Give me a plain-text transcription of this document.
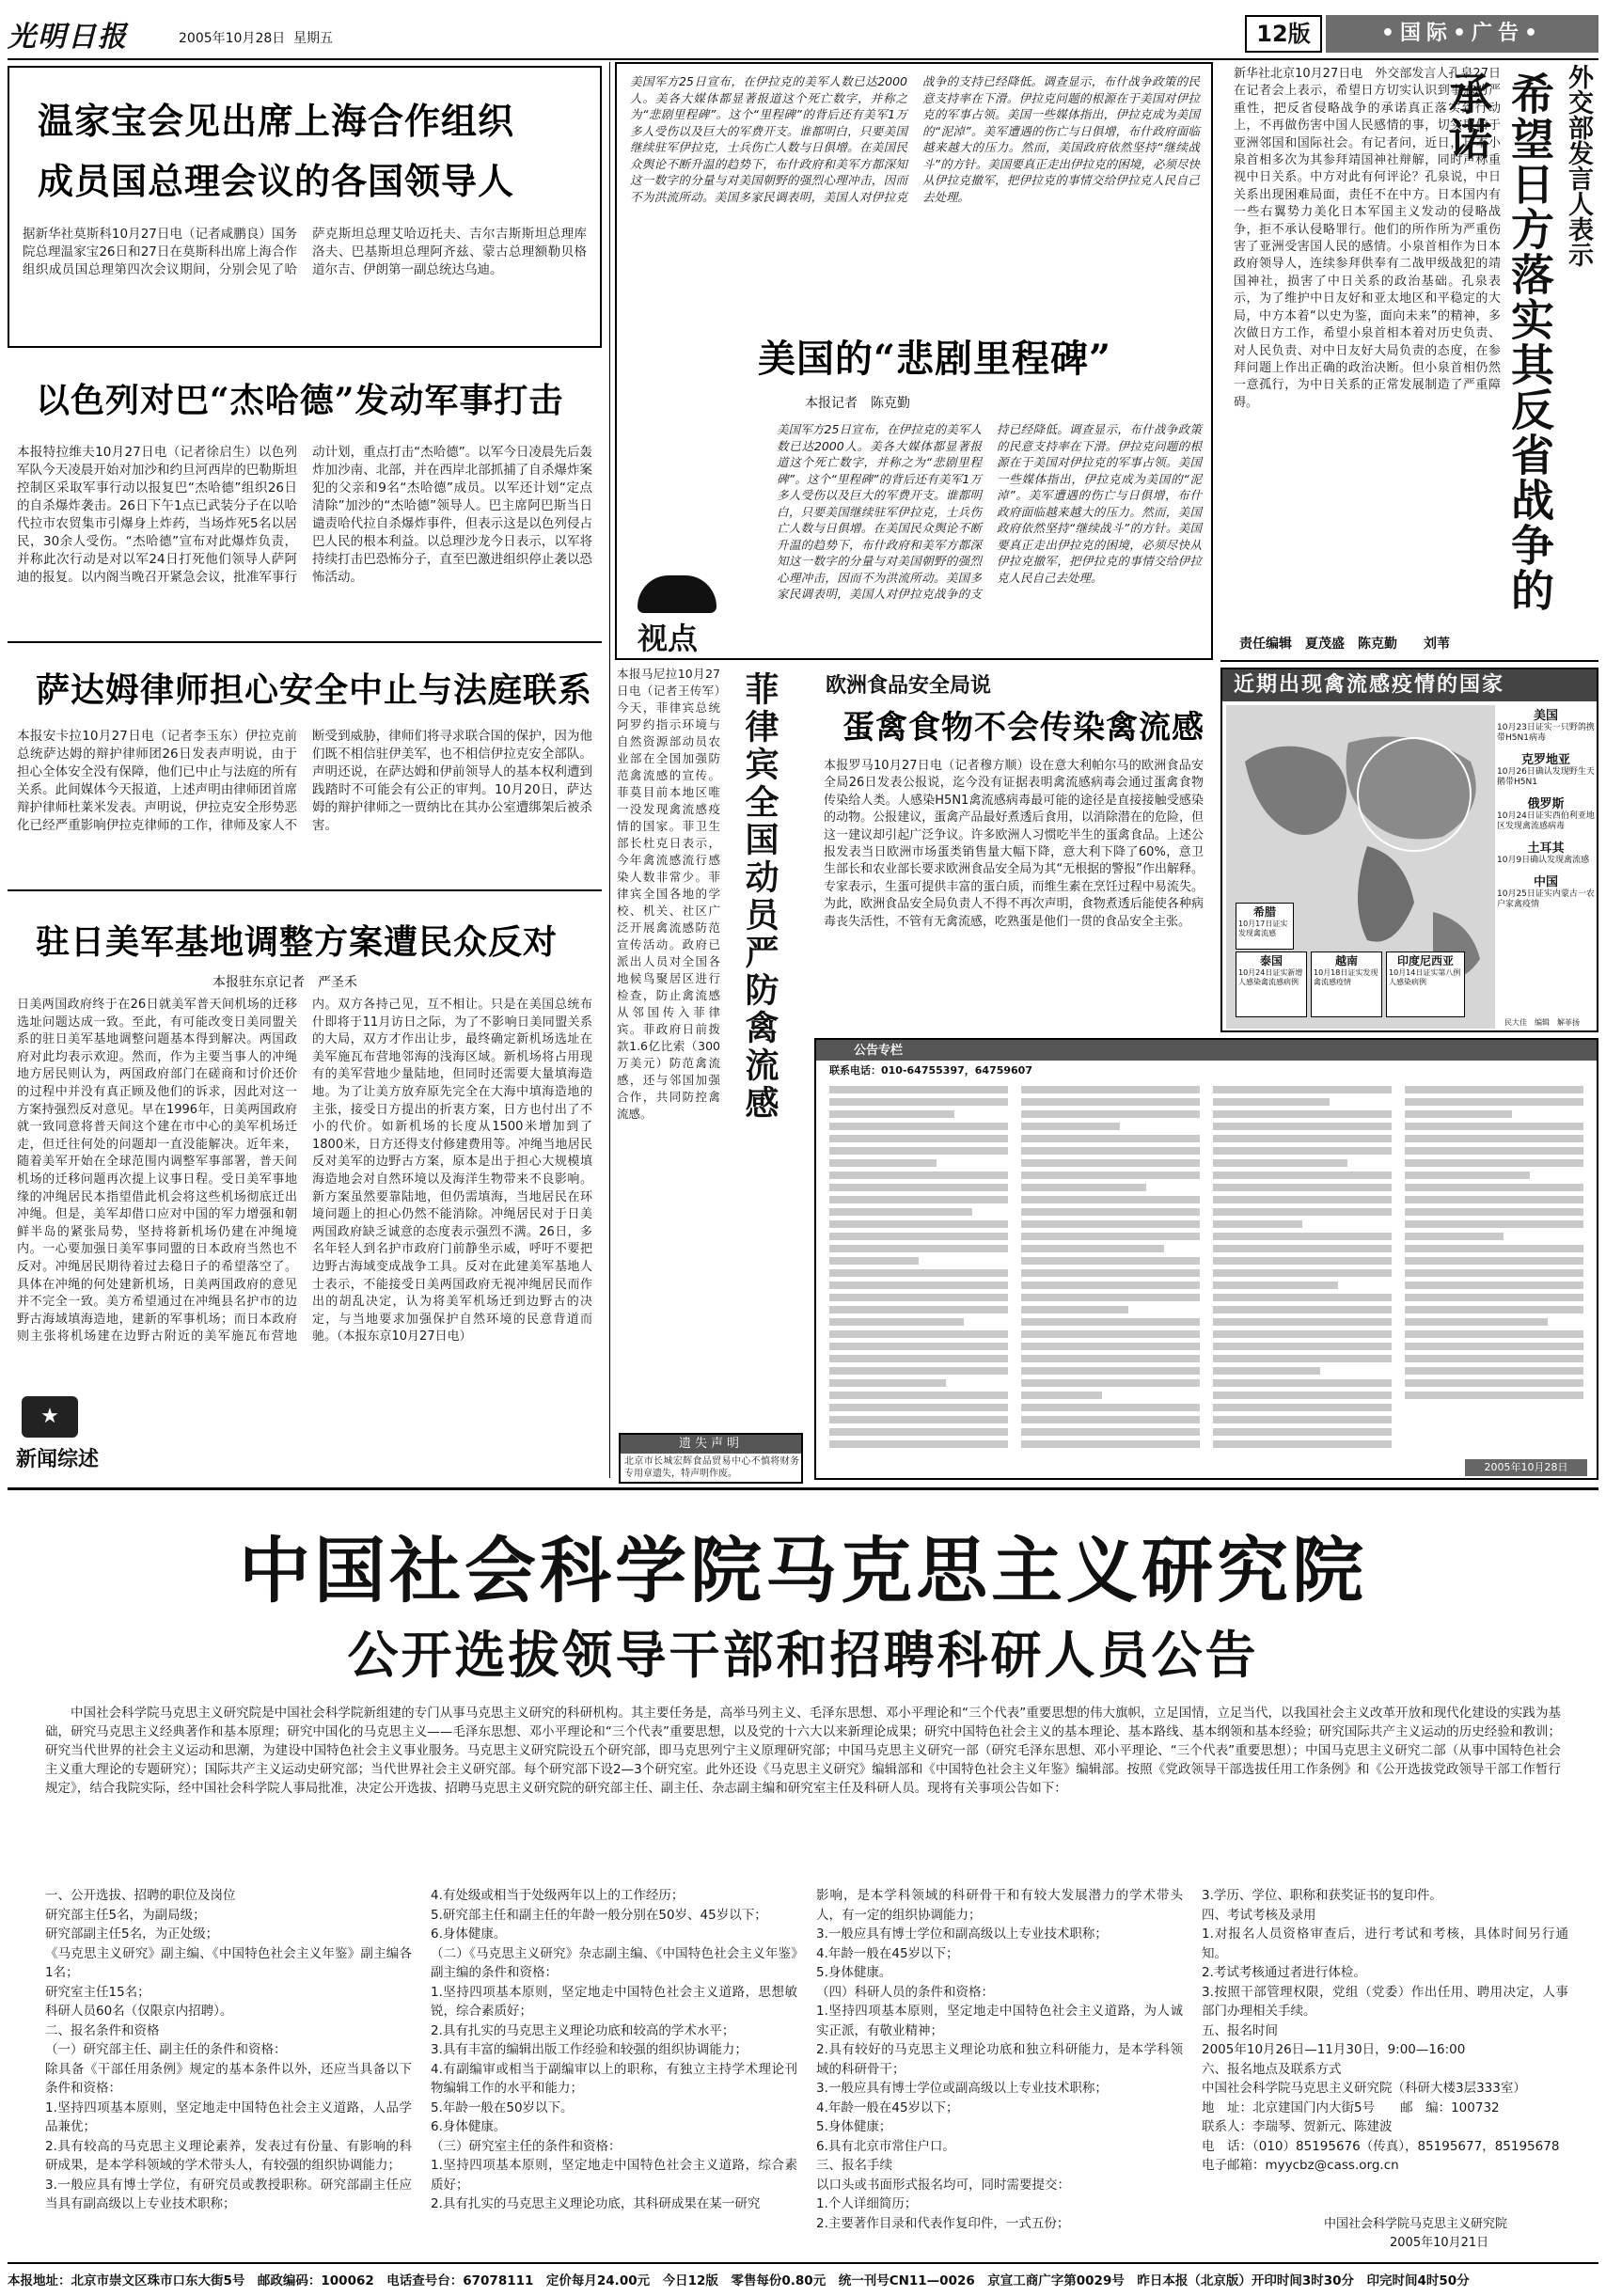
光明日报	2005年10月28日 星期五	12版	•国际•广告•
温家宝会见出席上海合作组织
成员国总理会议的各国领导人
据新华社莫斯科10月27日电（记者咸鹏良）国务院总理温家宝26日和27日在莫斯科出席上海合作组织成员国总理第四次会议期间，分别会见了哈萨克斯坦总理艾哈迈托夫、吉尔吉斯斯坦总理库洛夫、巴基斯坦总理阿齐兹、蒙古总理额勒贝格道尔吉、伊朗第一副总统达乌迪。
以色列对巴“杰哈德”发动军事打击
本报特拉维夫10月27日电（记者徐启生）以色列军队今天凌晨开始对加沙和约旦河西岸的巴勒斯坦控制区采取军事行动以报复巴“杰哈德”组织26日的自杀爆炸袭击。26日下午1点已武装分子在以哈代拉市农贸集市引爆身上炸药，当场炸死5名以居民，30余人受伤。“杰哈德”宣布对此爆炸负责，并称此次行动是对以军24日打死他们领导人萨阿迪的报复。以内阁当晚召开紧急会议，批准军事行动计划，重点打击“杰哈德”。以军今日凌晨先后轰炸加沙南、北部，并在西岸北部抓捕了自杀爆炸案犯的父亲和9名“杰哈德”成员。以军还计划“定点清除”加沙的“杰哈德”领导人。巴主席阿巴斯当日谴责哈代拉自杀爆炸事件，但表示这是以色列侵占巴人民的根本利益。以总理沙龙今日表示，以军将持续打击巴恐怖分子，直至巴激进组织停止袭以恐怖活动。
萨达姆律师担心安全中止与法庭联系
本报安卡拉10月27日电（记者李玉东）伊拉克前总统萨达姆的辩护律师团26日发表声明说，由于担心全体安全没有保障，他们已中止与法庭的所有关系。此间媒体今天报道，上述声明由律师团首席辩护律师杜莱米发表。声明说，伊拉克安全形势恶化已经严重影响伊拉克律师的工作，律师及家人不断受到威胁，律师们将寻求联合国的保护，因为他们既不相信驻伊美军，也不相信伊拉克安全部队。声明还说，在萨达姆和伊前领导人的基本权利遭到践踏时不可能会有公正的审判。10月20日，萨达姆的辩护律师之一贾纳比在其办公室遭绑架后被杀害。
驻日美军基地调整方案遭民众反对
本报驻东京记者　严圣禾
日美两国政府终于在26日就美军普天间机场的迁移选址问题达成一致。至此，有可能改变日美同盟关系的驻日美军基地调整问题基本得到解决。两国政府对此均表示欢迎。然而，作为主要当事人的冲绳地方居民则认为，两国政府部门在磋商和讨价还价的过程中并没有真正顾及他们的诉求，因此对这一方案持强烈反对意见。早在1996年，日美两国政府就一致同意将普天间这个建在市中心的美军机场迁走，但迁往何处的问题却一直没能解决。近年来，随着美军开始在全球范围内调整军事部署，普天间机场的迁移问题再次提上议事日程。受日美军事地缘的冲绳居民本指望借此机会将这些机场彻底迁出冲绳。但是，美军却借口应对中国的军力增强和朝鲜半岛的紧张局势，坚持将新机场仍建在冲绳境内。一心要加强日美军事同盟的日本政府当然也不反对。冲绳居民期待着过去稳日子的希望落空了。具体在冲绳的何处建新机场，日美两国政府的意见并不完全一致。美方希望通过在冲绳县名护市的边野古海域填海造地，建新的军事机场；而日本政府则主张将机场建在边野古附近的美军施瓦布营地内。双方各持己见，互不相让。只是在美国总统布什即将于11月访日之际，为了不影响日美同盟关系的大局，双方才作出让步，最终确定新机场选址在美军施瓦布营地邻海的浅海区域。新机场将占用现有的美军营地少量陆地，但同时还需要大量填海造地。为了让美方放弃原先完全在大海中填海造地的主张，接受日方提出的折衷方案，日方也付出了不小的代价。如新机场的长度从1500米增加到了1800米，日方还得支付修建费用等。冲绳当地居民反对美军的边野古方案，原本是出于担心大规模填海造地会对自然环境以及海洋生物带来不良影响。新方案虽然要靠陆地，但仍需填海，当地居民在环境问题上的担心仍然不能消除。冲绳居民对于日美两国政府缺乏诚意的态度表示强烈不满。26日，多名年轻人到名护市政府门前静坐示威，呼吁不要把边野古海域变成战争工具。反对在此建美军基地人士表示，不能接受日美两国政府无视冲绳居民而作出的胡乱决定，认为将美军机场迁到边野古的决定，与当地要求加强保护自然环境的民意背道而驰。（本报东京10月27日电）
★
新闻综述
美国军方25日宣布，在伊拉克的美军人数已达2000人。美各大媒体都显著报道这个死亡数字，并称之为“悲剧里程碑”。这个“里程碑”的背后还有美军1万多人受伤以及巨大的军费开支。谁都明白，只要美国继续驻军伊拉克，士兵伤亡人数与日俱增。在美国民众舆论不断升温的趋势下，布什政府和美军方都深知这一数字的分量与对美国朝野的强烈心理冲击，因而不为洪流所动。美国多家民调表明，美国人对伊拉克战争的支持已经降低。调查显示，布什战争政策的民意支持率在下滑。伊拉克问题的根源在于美国对伊拉克的军事占领。美国一些媒体指出，伊拉克成为美国的“泥淖”。美军遭遇的伤亡与日俱增，布什政府面临越来越大的压力。然而，美国政府依然坚持“继续战斗”的方针。美国要真正走出伊拉克的困境，必须尽快从伊拉克撤军，把伊拉克的事情交给伊拉克人民自己去处理。
美国的“悲剧里程碑”
本报记者　陈克勤
美国军方25日宣布，在伊拉克的美军人数已达2000人。美各大媒体都显著报道这个死亡数字，并称之为“悲剧里程碑”。这个“里程碑”的背后还有美军1万多人受伤以及巨大的军费开支。谁都明白，只要美国继续驻军伊拉克，士兵伤亡人数与日俱增。在美国民众舆论不断升温的趋势下，布什政府和美军方都深知这一数字的分量与对美国朝野的强烈心理冲击，因而不为洪流所动。美国多家民调表明，美国人对伊拉克战争的支持已经降低。调查显示，布什战争政策的民意支持率在下滑。伊拉克问题的根源在于美国对伊拉克的军事占领。美国一些媒体指出，伊拉克成为美国的“泥淖”。美军遭遇的伤亡与日俱增，布什政府面临越来越大的压力。然而，美国政府依然坚持“继续战斗”的方针。美国要真正走出伊拉克的困境，必须尽快从伊拉克撤军，把伊拉克的事情交给伊拉克人民自己去处理。
视点
新华社北京10月27日电　外交部发言人孔泉27日在记者会上表示，希望日方切实认识到事态的严重性，把反省侵略战争的承诺真正落实到行动上，不再做伤害中国人民感情的事，切实取信于亚洲邻国和国际社会。有记者问，近日，日本小泉首相多次为其参拜靖国神社辩解，同时声称重视中日关系。中方对此有何评论？孔泉说，中日关系出现困难局面，责任不在中方。日本国内有一些右翼势力美化日本军国主义发动的侵略战争，拒不承认侵略罪行。他们的所作所为严重伤害了亚洲受害国人民的感情。小泉首相作为日本政府领导人，连续参拜供奉有二战甲级战犯的靖国神社，损害了中日关系的政治基础。孔泉表示，为了维护中日友好和亚太地区和平稳定的大局，中方本着“以史为鉴，面向未来”的精神，多次做日方工作，希望小泉首相本着对历史负责、对人民负责、对中日友好大局负责的态度，在参拜问题上作出正确的政治决断。但小泉首相仍然一意孤行，为中日关系的正常发展制造了严重障碍。
外交部发言人表示
希望日方落实其反省战争的承诺
责任编辑　夏茂盛　陈克勤　　刘苇
本报马尼拉10月27日电（记者王传军）今天，菲律宾总统阿罗约指示环境与自然资源部动员农业部在全国加强防范禽流感的宣传。菲莫目前本地区唯一没发现禽流感疫情的国家。菲卫生部长杜克日表示，今年禽流感流行感染人数非常少。菲律宾全国各地的学校、机关、社区广泛开展禽流感防范宣传活动。政府已派出人员对全国各地候鸟聚居区进行检查，防止禽流感从邻国传入菲律宾。菲政府日前拨款1.6亿比索（300万美元）防范禽流感，还与邻国加强合作，共同防控禽流感。	菲律宾全国动员严防禽流感
遗失声明
北京市长城宏辉食品贸易中心不慎将财务专用章遗失，特声明作废。
欧洲食品安全局说
蛋禽食物不会传染禽流感
本报罗马10月27日电（记者穆方顺）设在意大利帕尔马的欧洲食品安全局26日发表公报说，迄今没有证据表明禽流感病毒会通过蛋禽食物传染给人类。人感染H5N1禽流感病毒最可能的途径是直接接触受感染的动物。公报建议，蛋禽产品最好煮透后食用，以消除潜在的危险，但这一建议却引起广泛争议。许多欧洲人习惯吃半生的蛋禽食品。上述公报发表当日欧洲市场蛋类销售量大幅下降，意大利下降了60%，意卫生部长和农业部长要求欧洲食品安全局为其“无根据的警报”作出解释。专家表示，生蛋可提供丰富的蛋白质，而维生素在烹饪过程中易流失。为此，欧洲食品安全局负责人不得不再次声明，食物煮透后能使各种病毒丧失活性，不管有无禽流感，吃熟蛋是他们一贯的食品安全主张。
近期出现禽流感疫情的国家
美国
10月23日证实一只野鸽携带H5N1病毒
克罗地亚
10月26日确认发现野生天鹅带H5N1
俄罗斯
10月24日证实西伯利亚地区发现禽流感病毒
土耳其
10月9日确认发现禽流感
中国
10月25日证实内蒙古一农户家禽疫情
希腊
10月17日证实发现禽流感
泰国
10月24日证实新增人感染禽流感病例
越南
10月18日证实发现禽流感疫情
印度尼西亚
10月14日证实第八例人感染病例
民大佳　编辑　解菲扬
公告专栏
联系电话：010-64755397，64759607
2005年10月28日
中国社会科学院马克思主义研究院
公开选拔领导干部和招聘科研人员公告
中国社会科学院马克思主义研究院是中国社会科学院新组建的专门从事马克思主义研究的科研机构。其主要任务是，高举马列主义、毛泽东思想、邓小平理论和“三个代表”重要思想的伟大旗帜，立足国情，立足当代，以我国社会主义改革开放和现代化建设的实践为基础，研究马克思主义经典著作和基本原理；研究中国化的马克思主义——毛泽东思想、邓小平理论和“三个代表”重要思想，以及党的十六大以来新理论成果；研究中国特色社会主义的基本理论、基本路线、基本纲领和基本经验；研究国际共产主义运动的历史经验和教训；研究当代世界的社会主义运动和思潮，为建设中国特色社会主义事业服务。马克思主义研究院设五个研究部，即马克思列宁主义原理研究部；中国马克思主义研究一部（研究毛泽东思想、邓小平理论、“三个代表”重要思想）；中国马克思主义研究二部（从事中国特色社会主义重大理论的专题研究）；国际共产主义运动史研究部；当代世界社会主义研究部。每个研究部下设2—3个研究室。此外还设《马克思主义研究》编辑部和《中国特色社会主义年鉴》编辑部。按照《党政领导干部选拔任用工作条例》和《公开选拔党政领导干部工作暂行规定》，结合我院实际，经中国社会科学院人事局批准，决定公开选拔、招聘马克思主义研究院的研究部主任、副主任、杂志副主编和研究室主任及科研人员。现将有关事项公告如下：
一、公开选拔、招聘的职位及岗位
研究部主任5名，为副局级；
研究部副主任5名，为正处级；
《马克思主义研究》副主编、《中国特色社会主义年鉴》副主编各1名；
研究室主任15名；
科研人员60名（仅限京内招聘）。
二、报名条件和资格
（一）研究部主任、副主任的条件和资格：
除具备《干部任用条例》规定的基本条件以外，还应当具备以下条件和资格：
1.坚持四项基本原则，坚定地走中国特色社会主义道路，人品学品兼优；
2.具有较高的马克思主义理论素养，发表过有份量、有影响的科研成果，是本学科领域的学术带头人，有较强的组织协调能力；
3.一般应具有博士学位，有研究员或教授职称。研究部副主任应当具有副高级以上专业技术职称；
4.有处级或相当于处级两年以上的工作经历；
5.研究部主任和副主任的年龄一般分别在50岁、45岁以下；
6.身体健康。
（二）《马克思主义研究》杂志副主编、《中国特色社会主义年鉴》副主编的条件和资格：
1.坚持四项基本原则，坚定地走中国特色社会主义道路，思想敏锐，综合素质好；
2.具有扎实的马克思主义理论功底和较高的学术水平；
3.具有丰富的编辑出版工作经验和较强的组织协调能力；
4.有副编审或相当于副编审以上的职称，有独立主持学术理论刊物编辑工作的水平和能力；
5.年龄一般在50岁以下。
6.身体健康。
（三）研究室主任的条件和资格：
1.坚持四项基本原则，坚定地走中国特色社会主义道路，综合素质好；
2.具有扎实的马克思主义理论功底，其科研成果在某一研究
影响，是本学科领域的科研骨干和有较大发展潜力的学术带头人，有一定的组织协调能力；
3.一般应具有博士学位和副高级以上专业技术职称；
4.年龄一般在45岁以下；
5.身体健康。
（四）科研人员的条件和资格：
1.坚持四项基本原则，坚定地走中国特色社会主义道路，为人诚实正派，有敬业精神；
2.具有较好的马克思主义理论功底和独立科研能力，是本学科领域的科研骨干；
3.一般应具有博士学位或副高级以上专业技术职称；
4.年龄一般在45岁以下；
5.身体健康；
6.具有北京市常住户口。
三、报名手续
以口头或书面形式报名均可，同时需要提交：
1.个人详细简历；
2.主要著作目录和代表作复印件，一式五份；
3.学历、学位、职称和获奖证书的复印件。
四、考试考核及录用
1.对报名人员资格审查后，进行考试和考核，具体时间另行通知。
2.考试考核通过者进行体检。
3.按照干部管理权限，党组（党委）作出任用、聘用决定，人事部门办理相关手续。
五、报名时间
2005年10月26日—11月30日，9:00—16:00
六、报名地点及联系方式
中国社会科学院马克思主义研究院（科研大楼3层333室）
地　址：北京建国门内大街5号　　邮　编：100732
联系人：李瑞琴、贺新元、陈建波
电　话：（010）85195676（传真），85195677，85195678
电子邮箱：myycbz@cass.org.cn
中国社会科学院马克思主义研究院
2005年10月21日
本报地址：北京市崇文区珠市口东大街5号　邮政编码：100062　电话查号台：67078111　定价每月24.00元　今日12版　零售每份0.80元　统一刊号CN11—0026　京宣工商广字第0029号　昨日本报（北京版）开印时间3时30分　印完时间4时50分
